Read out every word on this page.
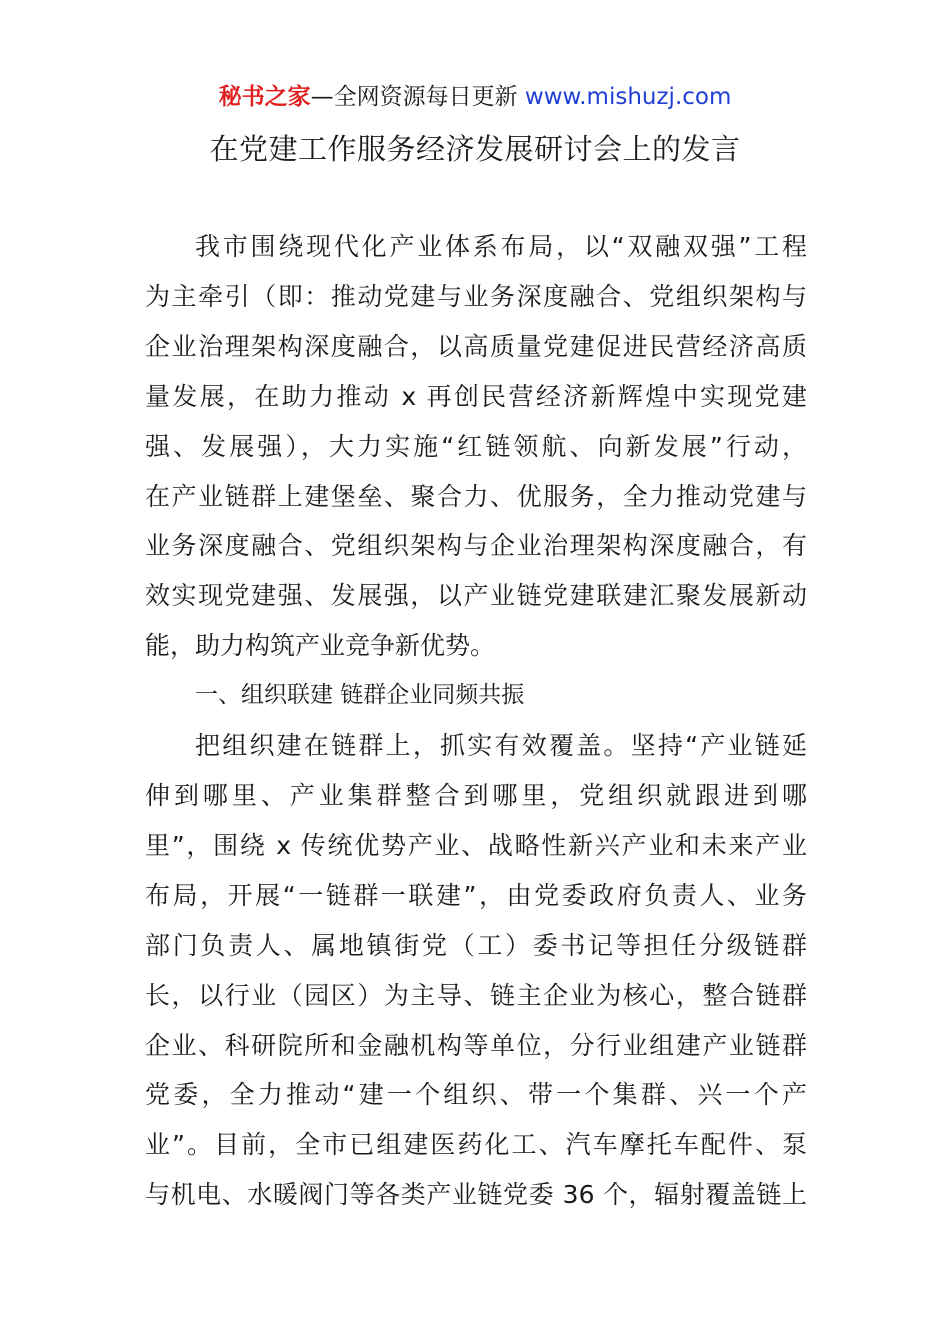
秘书之家—全网资源每日更新 www.mishuzj.com
在党建工作服务经济发展研讨会上的发言
我市围绕现代化产业体系布局，以“双融双强”工程
为主牵引（即：推动党建与业务深度融合、党组织架构与
企业治理架构深度融合，以高质量党建促进民营经济高质
量发展，在助力推动 x 再创民营经济新辉煌中实现党建
强、发展强），大力实施“红链领航、向新发展”行动，
在产业链群上建堡垒、聚合力、优服务，全力推动党建与
业务深度融合、党组织架构与企业治理架构深度融合，有
效实现党建强、发展强，以产业链党建联建汇聚发展新动
能，助力构筑产业竞争新优势。
一、组织联建 链群企业同频共振
把组织建在链群上，抓实有效覆盖。坚持“产业链延
伸到哪里、产业集群整合到哪里，党组织就跟进到哪
里”，围绕 x 传统优势产业、战略性新兴产业和未来产业
布局，开展“一链群一联建”，由党委政府负责人、业务
部门负责人、属地镇街党（工）委书记等担任分级链群
长，以行业（园区）为主导、链主企业为核心，整合链群
企业、科研院所和金融机构等单位，分行业组建产业链群
党委，全力推动“建一个组织、带一个集群、兴一个产
业”。目前，全市已组建医药化工、汽车摩托车配件、泵
与机电、水暖阀门等各类产业链党委 36 个，辐射覆盖链上
